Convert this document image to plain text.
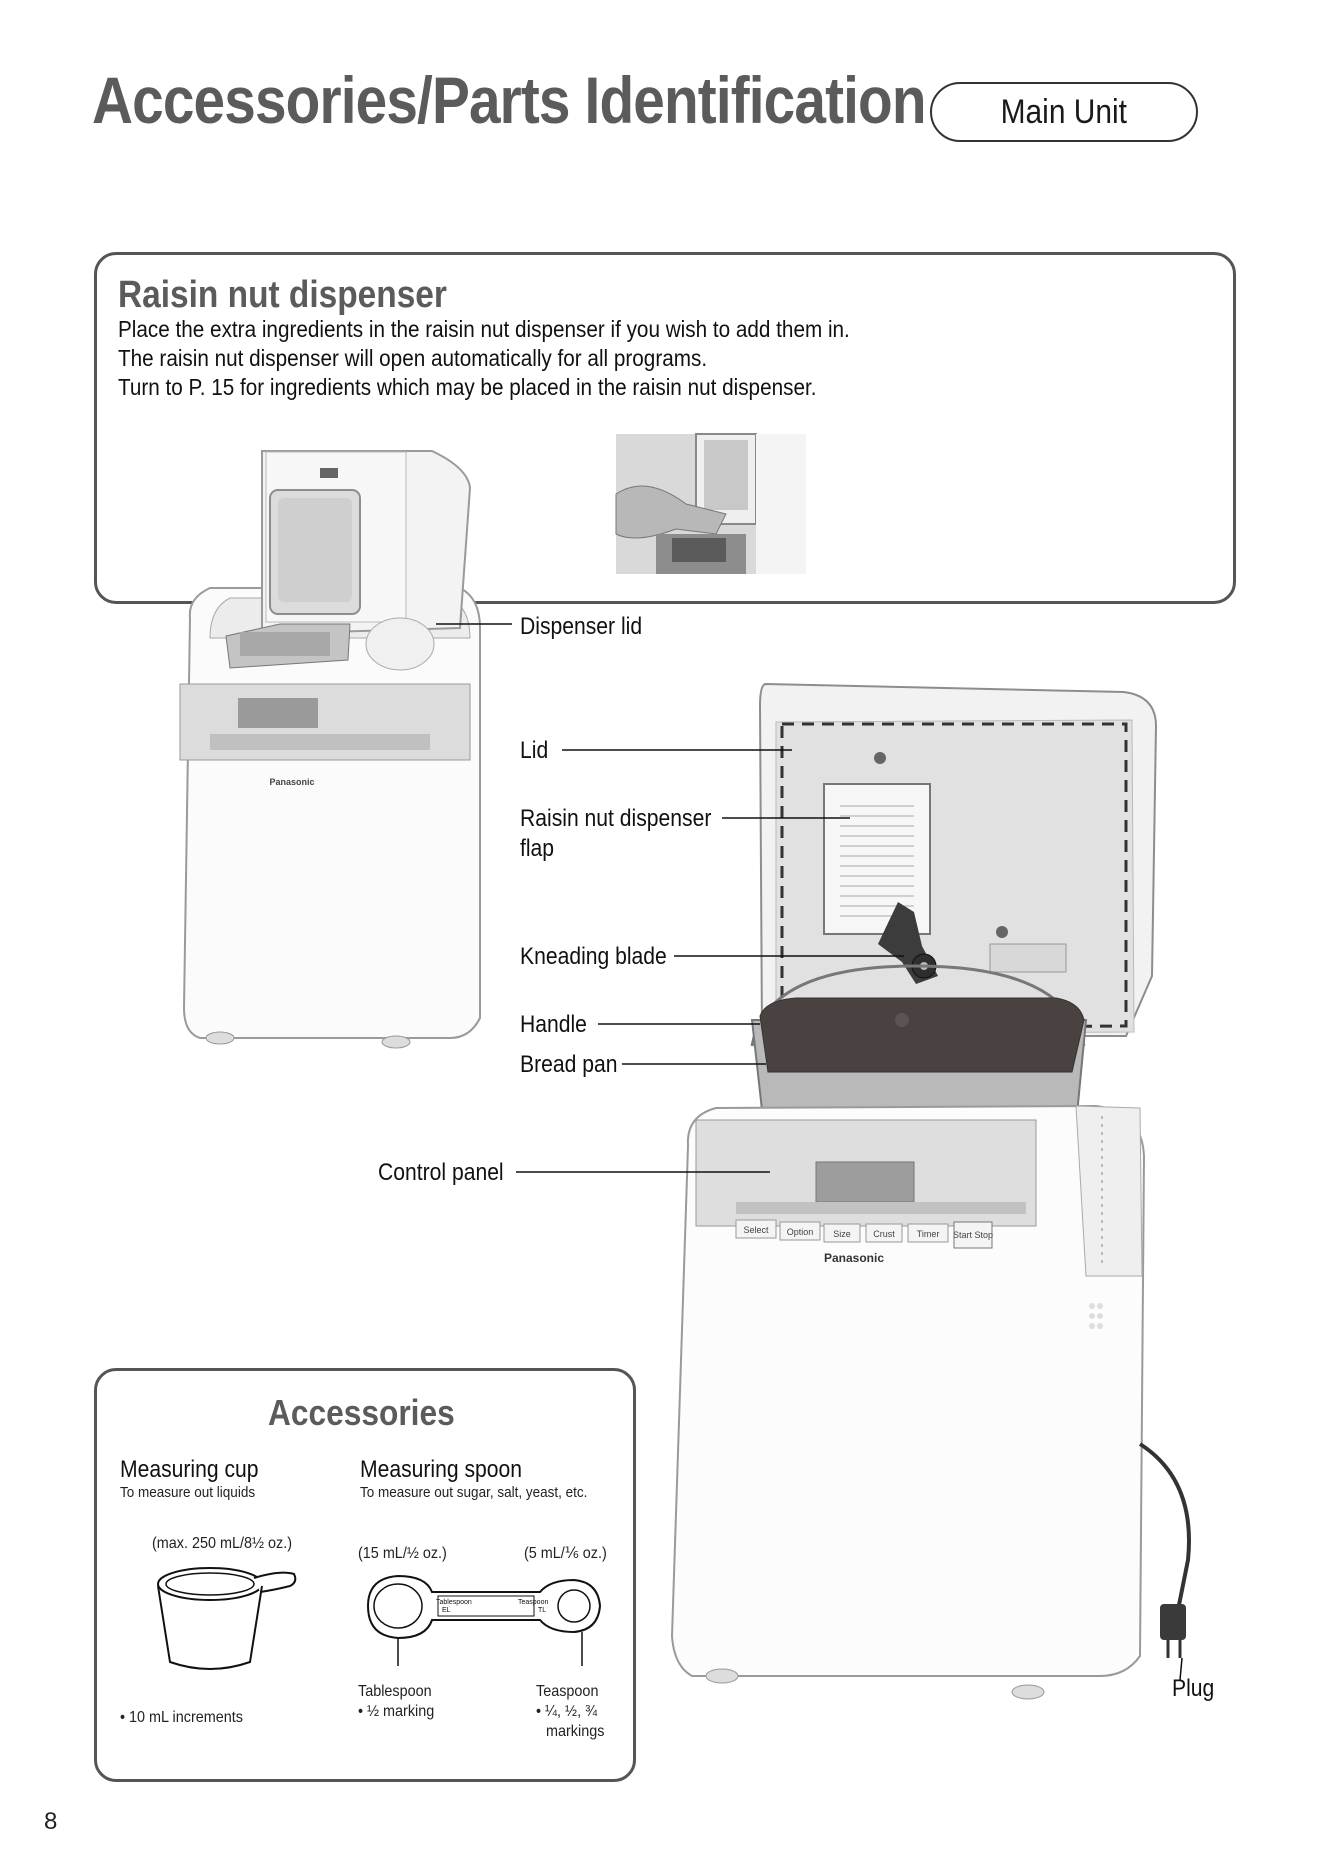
Accessories/Parts Identification Main Unit
Raisin nut dispenser
Place the extra ingredients in the raisin nut dispenser if you wish to add them in.
The raisin nut dispenser will open automatically for all programs.
Turn to P. 15 for ingredients which may be placed in the raisin nut dispenser.
Panasonic
Select Option Size Crust Timer Start Stop
Panasonic
Dispenser lid
Lid
Raisin nut dispenser
flap
Kneading blade
Handle
Bread pan
Control panel
Plug
Accessories
Measuring cup
To measure out liquids
(max. 250 mL/8½ oz.)
• 10 mL increments
Measuring spoon
To measure out sugar, salt, yeast, etc.
(15 mL/½ oz.)	(5 mL/⅙ oz.)
Tablespoon
EL
Teaspoon
TL
Tablespoon
• ½ marking
Teaspoon
• ¼, ½, ¾
markings
8
